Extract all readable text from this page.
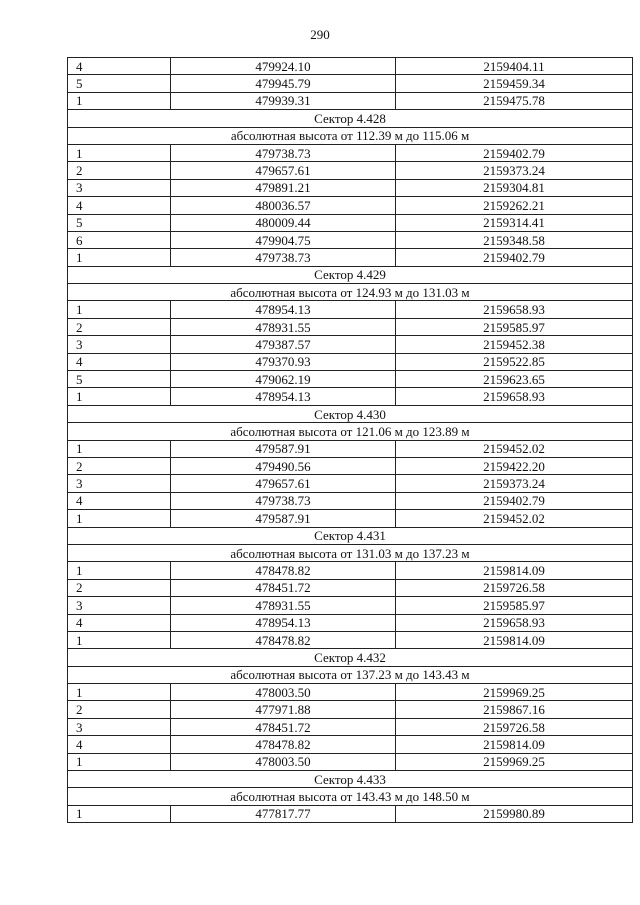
290
4	479924.10	2159404.11
5	479945.79	2159459.34
1	479939.31	2159475.78
Сектор 4.428		
абсолютная высота от 112.39 м до 115.06 м		
1	479738.73	2159402.79
2	479657.61	2159373.24
3	479891.21	2159304.81
4	480036.57	2159262.21
5	480009.44	2159314.41
6	479904.75	2159348.58
1	479738.73	2159402.79
Сектор 4.429		
абсолютная высота от 124.93 м до 131.03 м		
1	478954.13	2159658.93
2	478931.55	2159585.97
3	479387.57	2159452.38
4	479370.93	2159522.85
5	479062.19	2159623.65
1	478954.13	2159658.93
Сектор 4.430		
абсолютная высота от 121.06 м до 123.89 м		
1	479587.91	2159452.02
2	479490.56	2159422.20
3	479657.61	2159373.24
4	479738.73	2159402.79
1	479587.91	2159452.02
Сектор 4.431		
абсолютная высота от 131.03 м до 137.23 м		
1	478478.82	2159814.09
2	478451.72	2159726.58
3	478931.55	2159585.97
4	478954.13	2159658.93
1	478478.82	2159814.09
Сектор 4.432		
абсолютная высота от 137.23 м до 143.43 м		
1	478003.50	2159969.25
2	477971.88	2159867.16
3	478451.72	2159726.58
4	478478.82	2159814.09
1	478003.50	2159969.25
Сектор 4.433		
абсолютная высота от 143.43 м до 148.50 м		
1	477817.77	2159980.89
